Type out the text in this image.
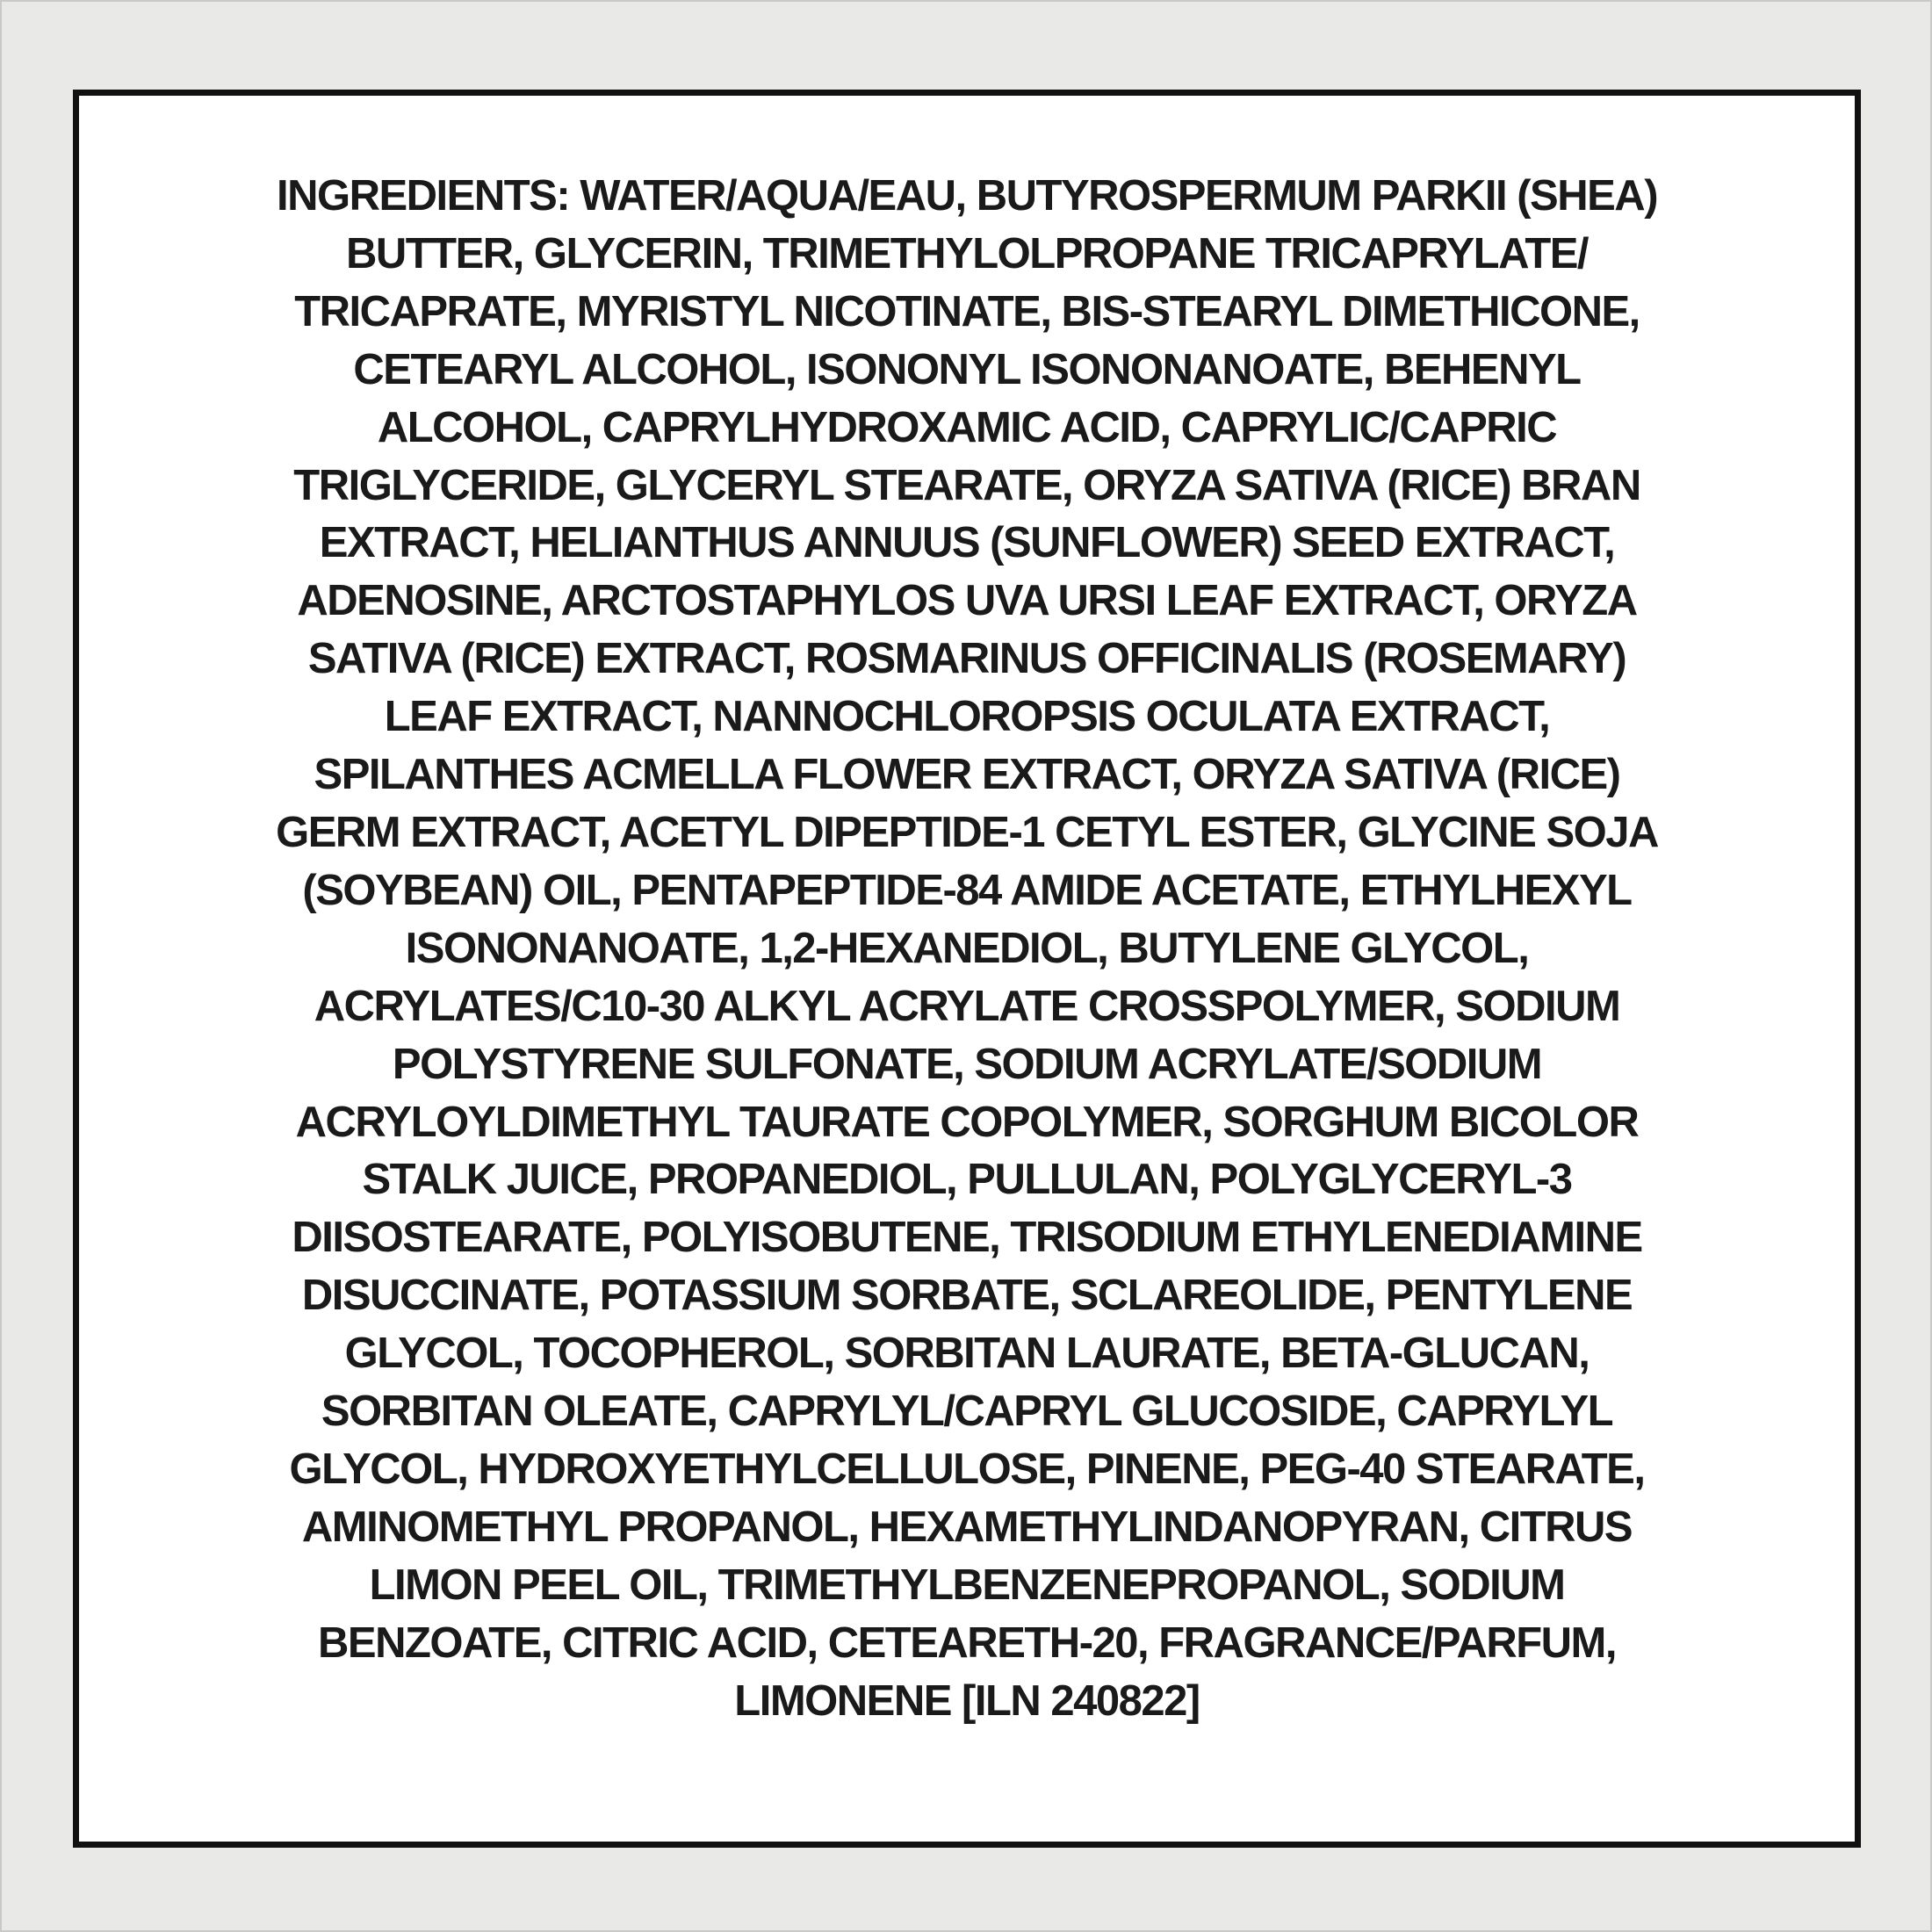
INGREDIENTS: WATER/AQUA/EAU, BUTYROSPERMUM PARKII (SHEA)
BUTTER, GLYCERIN, TRIMETHYLOLPROPANE TRICAPRYLATE/
TRICAPRATE, MYRISTYL NICOTINATE, BIS-STEARYL DIMETHICONE,
CETEARYL ALCOHOL, ISONONYL ISONONANOATE, BEHENYL
ALCOHOL, CAPRYLHYDROXAMIC ACID, CAPRYLIC/CAPRIC
TRIGLYCERIDE, GLYCERYL STEARATE, ORYZA SATIVA (RICE) BRAN
EXTRACT, HELIANTHUS ANNUUS (SUNFLOWER) SEED EXTRACT,
ADENOSINE, ARCTOSTAPHYLOS UVA URSI LEAF EXTRACT, ORYZA
SATIVA (RICE) EXTRACT, ROSMARINUS OFFICINALIS (ROSEMARY)
LEAF EXTRACT, NANNOCHLOROPSIS OCULATA EXTRACT,
SPILANTHES ACMELLA FLOWER EXTRACT, ORYZA SATIVA (RICE)
GERM EXTRACT, ACETYL DIPEPTIDE-1 CETYL ESTER, GLYCINE SOJA
(SOYBEAN) OIL, PENTAPEPTIDE-84 AMIDE ACETATE, ETHYLHEXYL
ISONONANOATE, 1,2-HEXANEDIOL, BUTYLENE GLYCOL,
ACRYLATES/C10-30 ALKYL ACRYLATE CROSSPOLYMER, SODIUM
POLYSTYRENE SULFONATE, SODIUM ACRYLATE/SODIUM
ACRYLOYLDIMETHYL TAURATE COPOLYMER, SORGHUM BICOLOR
STALK JUICE, PROPANEDIOL, PULLULAN, POLYGLYCERYL-3
DIISOSTEARATE, POLYISOBUTENE, TRISODIUM ETHYLENEDIAMINE
DISUCCINATE, POTASSIUM SORBATE, SCLAREOLIDE, PENTYLENE
GLYCOL, TOCOPHEROL, SORBITAN LAURATE, BETA-GLUCAN,
SORBITAN OLEATE, CAPRYLYL/CAPRYL GLUCOSIDE, CAPRYLYL
GLYCOL, HYDROXYETHYLCELLULOSE, PINENE, PEG-40 STEARATE,
AMINOMETHYL PROPANOL, HEXAMETHYLINDANOPYRAN, CITRUS
LIMON PEEL OIL, TRIMETHYLBENZENEPROPANOL, SODIUM
BENZOATE, CITRIC ACID, CETEARETH-20, FRAGRANCE/PARFUM,
LIMONENE [ILN 240822]
